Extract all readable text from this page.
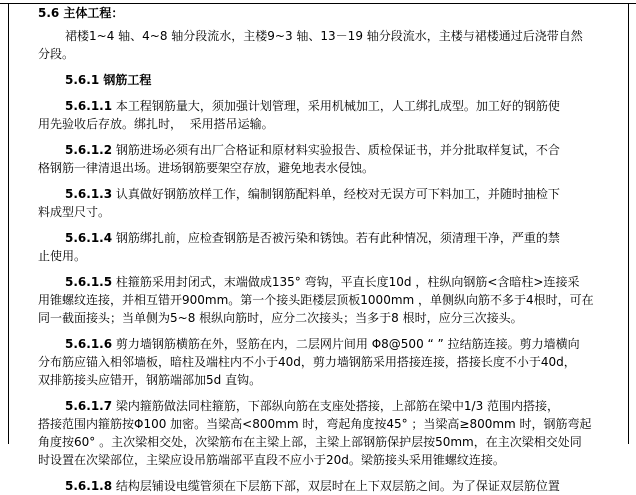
5.6 主体工程：
裙楼1~4 轴、4~8 轴分段流水，主楼9~3 轴、13－19 轴分段流水，主楼与裙楼通过后浇带自然
分段。
5.6.1 钢筋工程
5.6.1.1 本工程钢筋量大，须加强计划管理，采用机械加工，人工绑扎成型。加工好的钢筋使
用先验收后存放。绑扎时，  采用搭吊运输。
5.6.1.2 钢筋进场必须有出厂合格证和原材料实验报告、质检保证书，并分批取样复试，不合
格钢筋一律清退出场。进场钢筋要架空存放，避免地表水侵蚀。
5.6.1.3 认真做好钢筋放样工作，编制钢筋配料单，经校对无误方可下料加工，并随时抽检下
料成型尺寸。
5.6.1.4 钢筋绑扎前，应检查钢筋是否被污染和锈蚀。若有此种情况，须清理干净，严重的禁
止使用。
5.6.1.5 柱箍筋采用封闭式，末端做成135° 弯钩，平直长度10d ，柱纵向钢筋<含暗柱>连接采
用锥螺纹连接，并相互错开900mm。第一个接头距楼层顶板1000mm ，单侧纵向筋不多于4根时，可在
同一截面接头；当单侧为5~8 根纵向筋时，应分二次接头；当多于8 根时，应分三次接头。
5.6.1.6 剪力墙钢筋横筋在外，竖筋在内，二层网片间用 Φ8@500 “ ” 拉结筋连接。剪力墙横向
分布筋应锚入相邻墙板，暗柱及端柱内不小于40d，剪力墙钢筋采用搭接连接，搭接长度不小于40d，
双排筋接头应错开，钢筋端部加5d 直钩。
5.6.1.7 梁内箍筋做法同柱箍筋，下部纵向筋在支座处搭接，上部筋在梁中1/3 范围内搭接，
搭接范围内箍筋按Φ100 加密。当梁高<800mm 时，弯起角度按45° ；当梁高≥800mm 时，钢筋弯起
角度按60° 。主次梁相交处，次梁筋布在主梁上部，主梁上部钢筋保护层按50mm，在主次梁相交处同
时设置在次梁部位，主梁应设吊筋端部平直段不应小于20d。梁筋接头采用锥螺纹连接。
5.6.1.8 结构层铺设电缆管须在下层筋下部，双层时在上下双层筋之间。为了保证双层筋位置
